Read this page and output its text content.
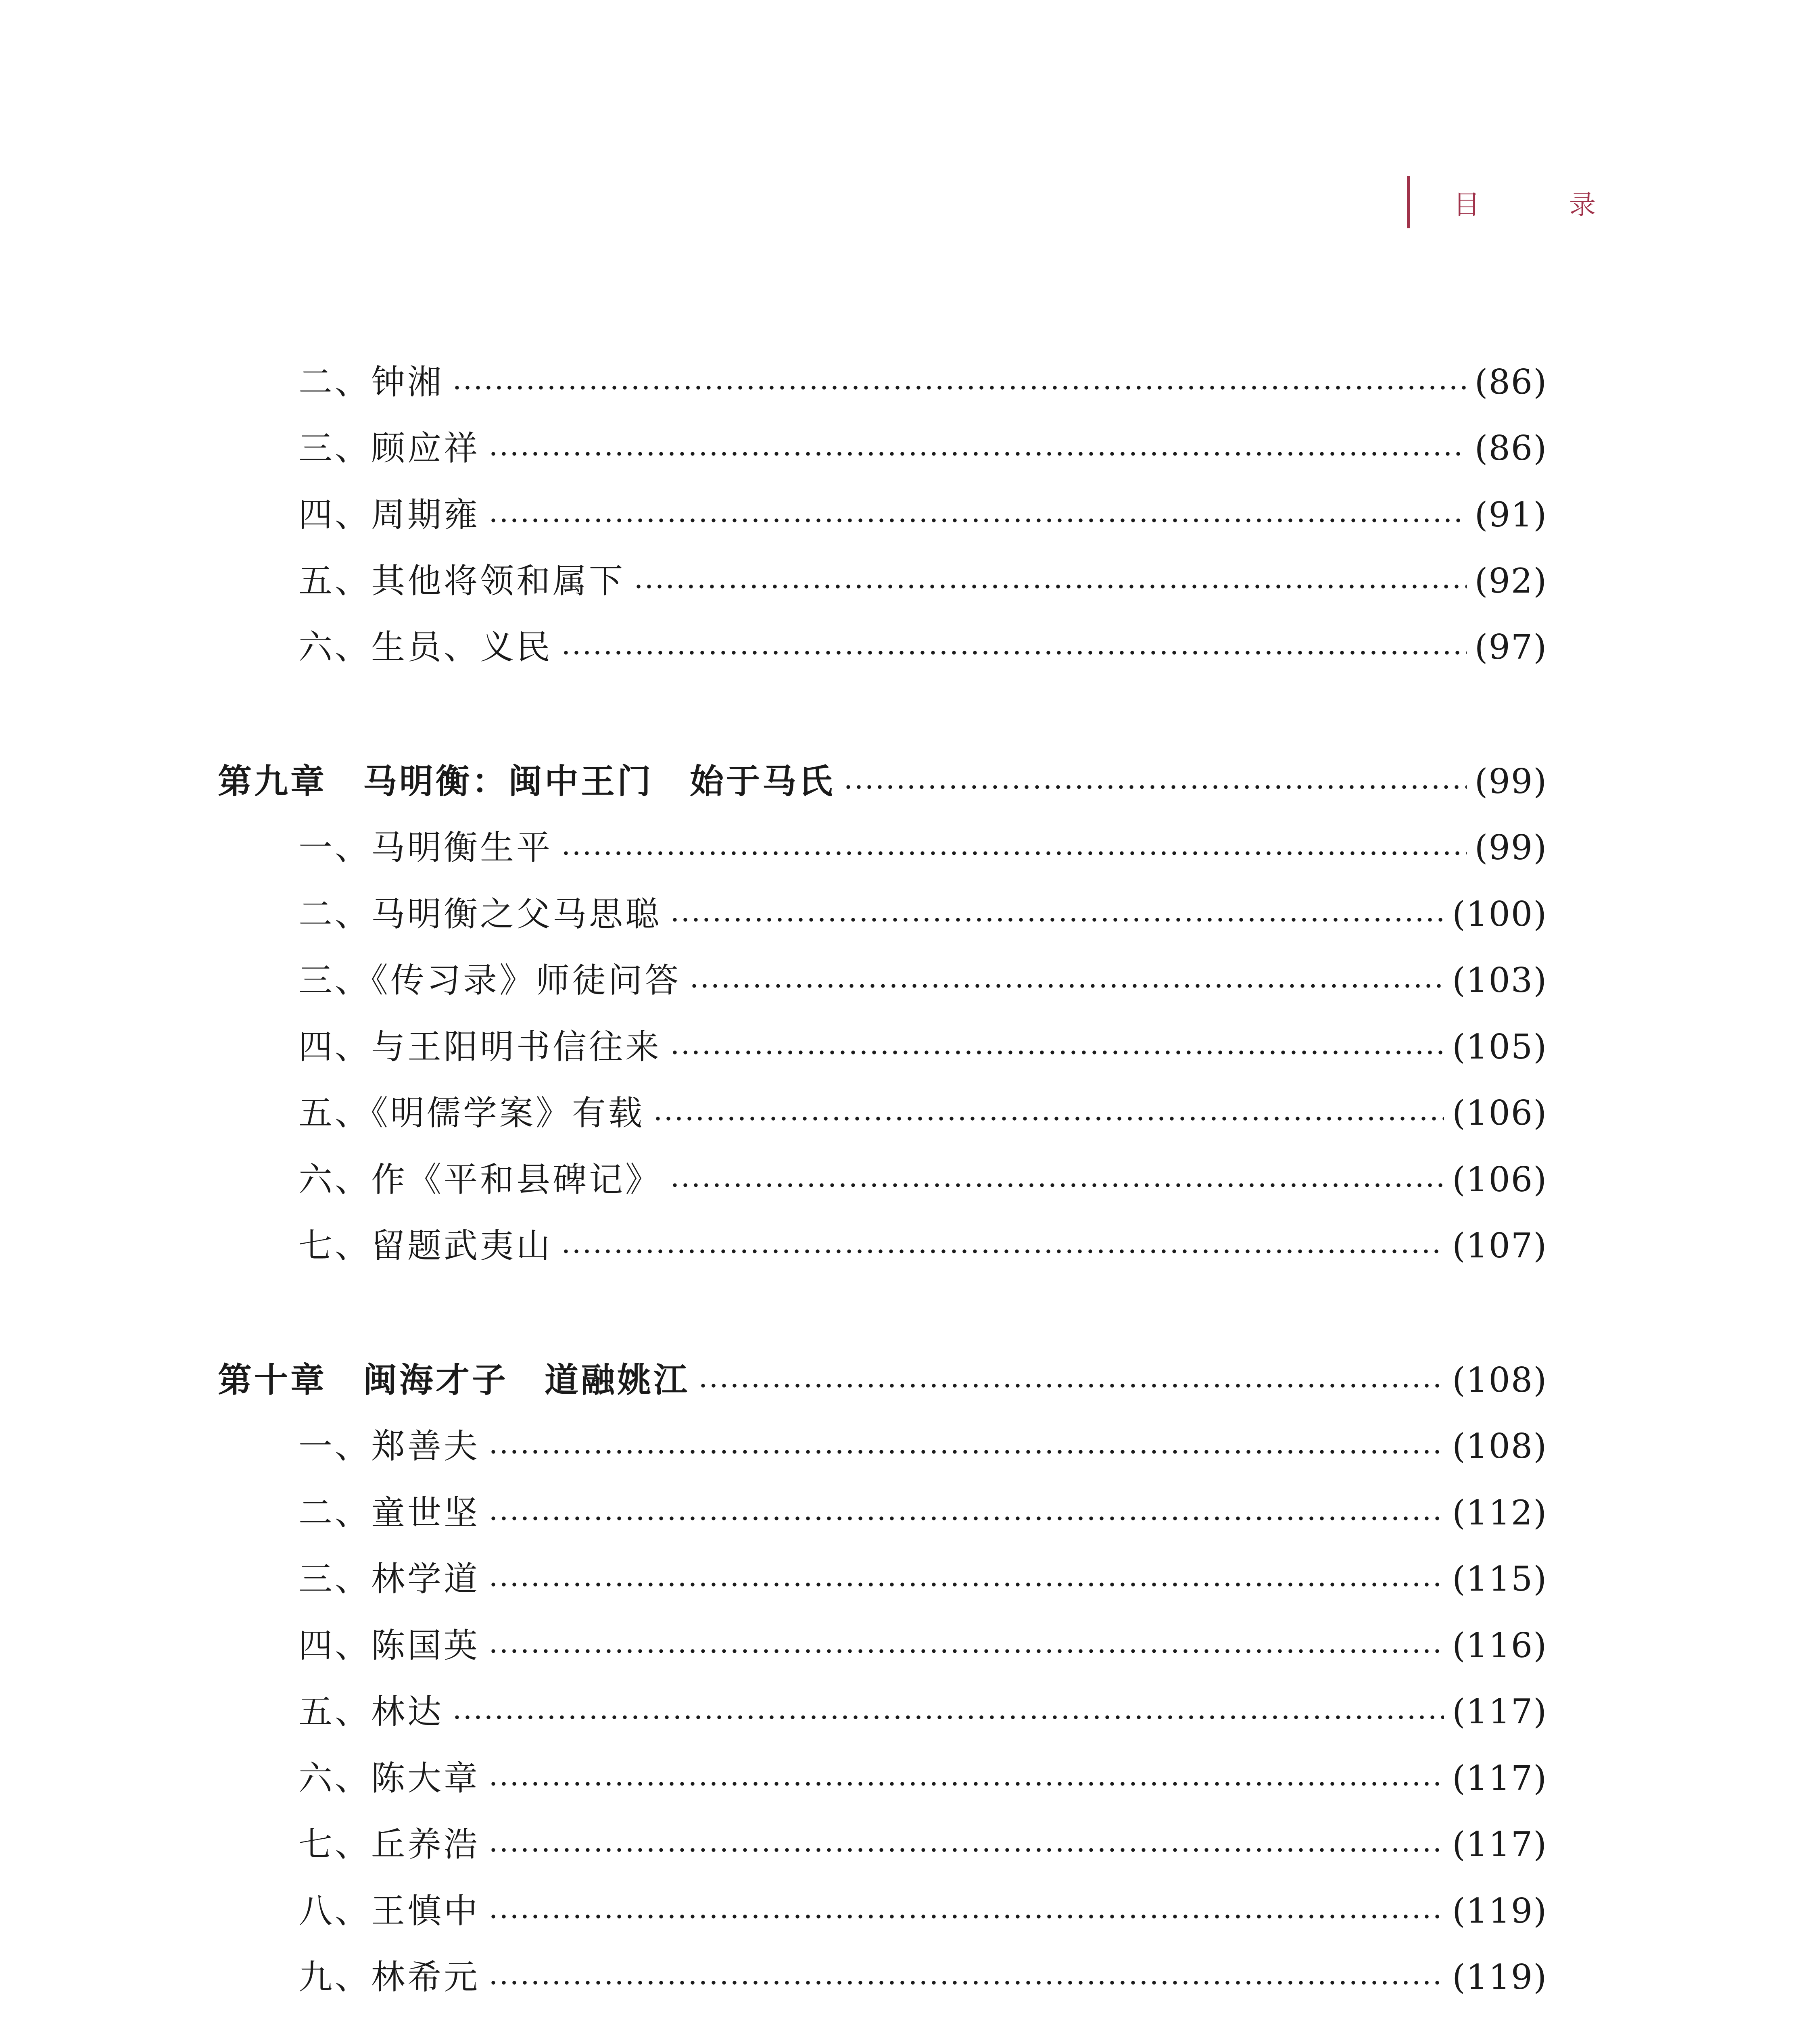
目 录
二、钟湘	(86)
三、顾应祥	(86)
四、周期雍	(91)
五、其他将领和属下	(92)
六、生员、义民	(97)
第九章　马明衡：闽中王门　始于马氏	(99)
一、马明衡生平	(99)
二、马明衡之父马思聪	(100)
三、《传习录》师徒问答	(103)
四、与王阳明书信往来	(105)
五、《明儒学案》有载	(106)
六、作《平和县碑记》	(106)
七、留题武夷山	(107)
第十章　闽海才子　道融姚江	(108)
一、郑善夫	(108)
二、童世坚	(112)
三、林学道	(115)
四、陈国英	(116)
五、林达	(117)
六、陈大章	(117)
七、丘养浩	(117)
八、王慎中	(119)
九、林希元	(119)
